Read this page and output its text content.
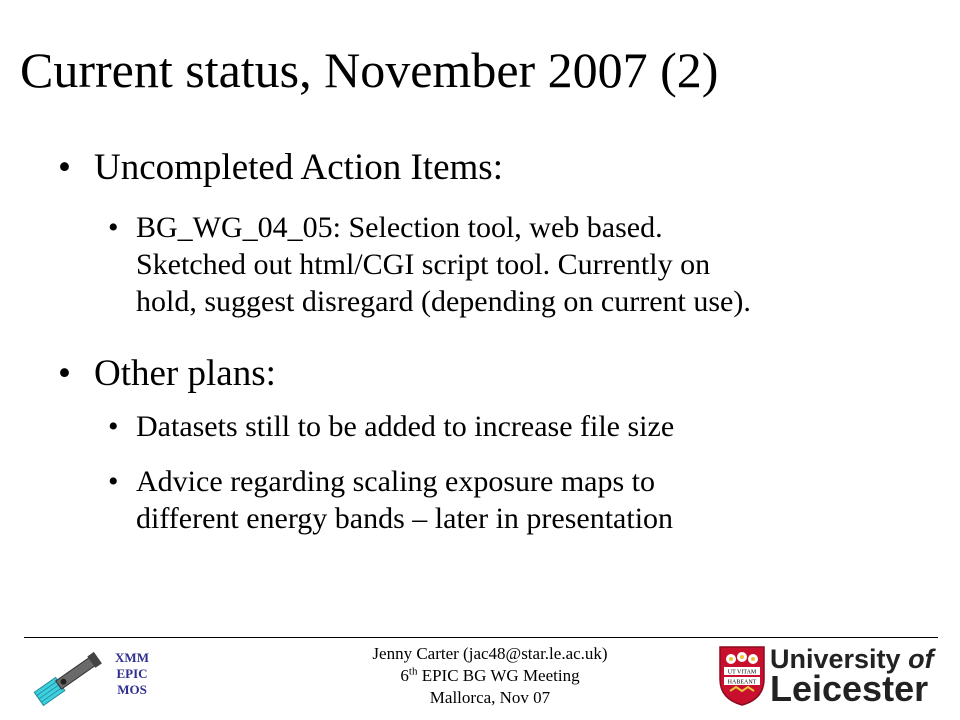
Current status, November 2007 (2)
• Uncompleted Action Items:
• BG_WG_04_05: Selection tool, web based.
Sketched out html/CGI script tool. Currently on
hold, suggest disregard (depending on current use).
• Other plans:
• Datasets still to be added to increase file size
• Advice regarding scaling exposure maps to
different energy bands – later in presentation
XMM
EPIC
MOS
Jenny Carter (jac48@star.le.ac.uk)
6th EPIC BG WG Meeting
Mallorca, Nov 07
UT VITAM
HABEANT
University of
Leicester
